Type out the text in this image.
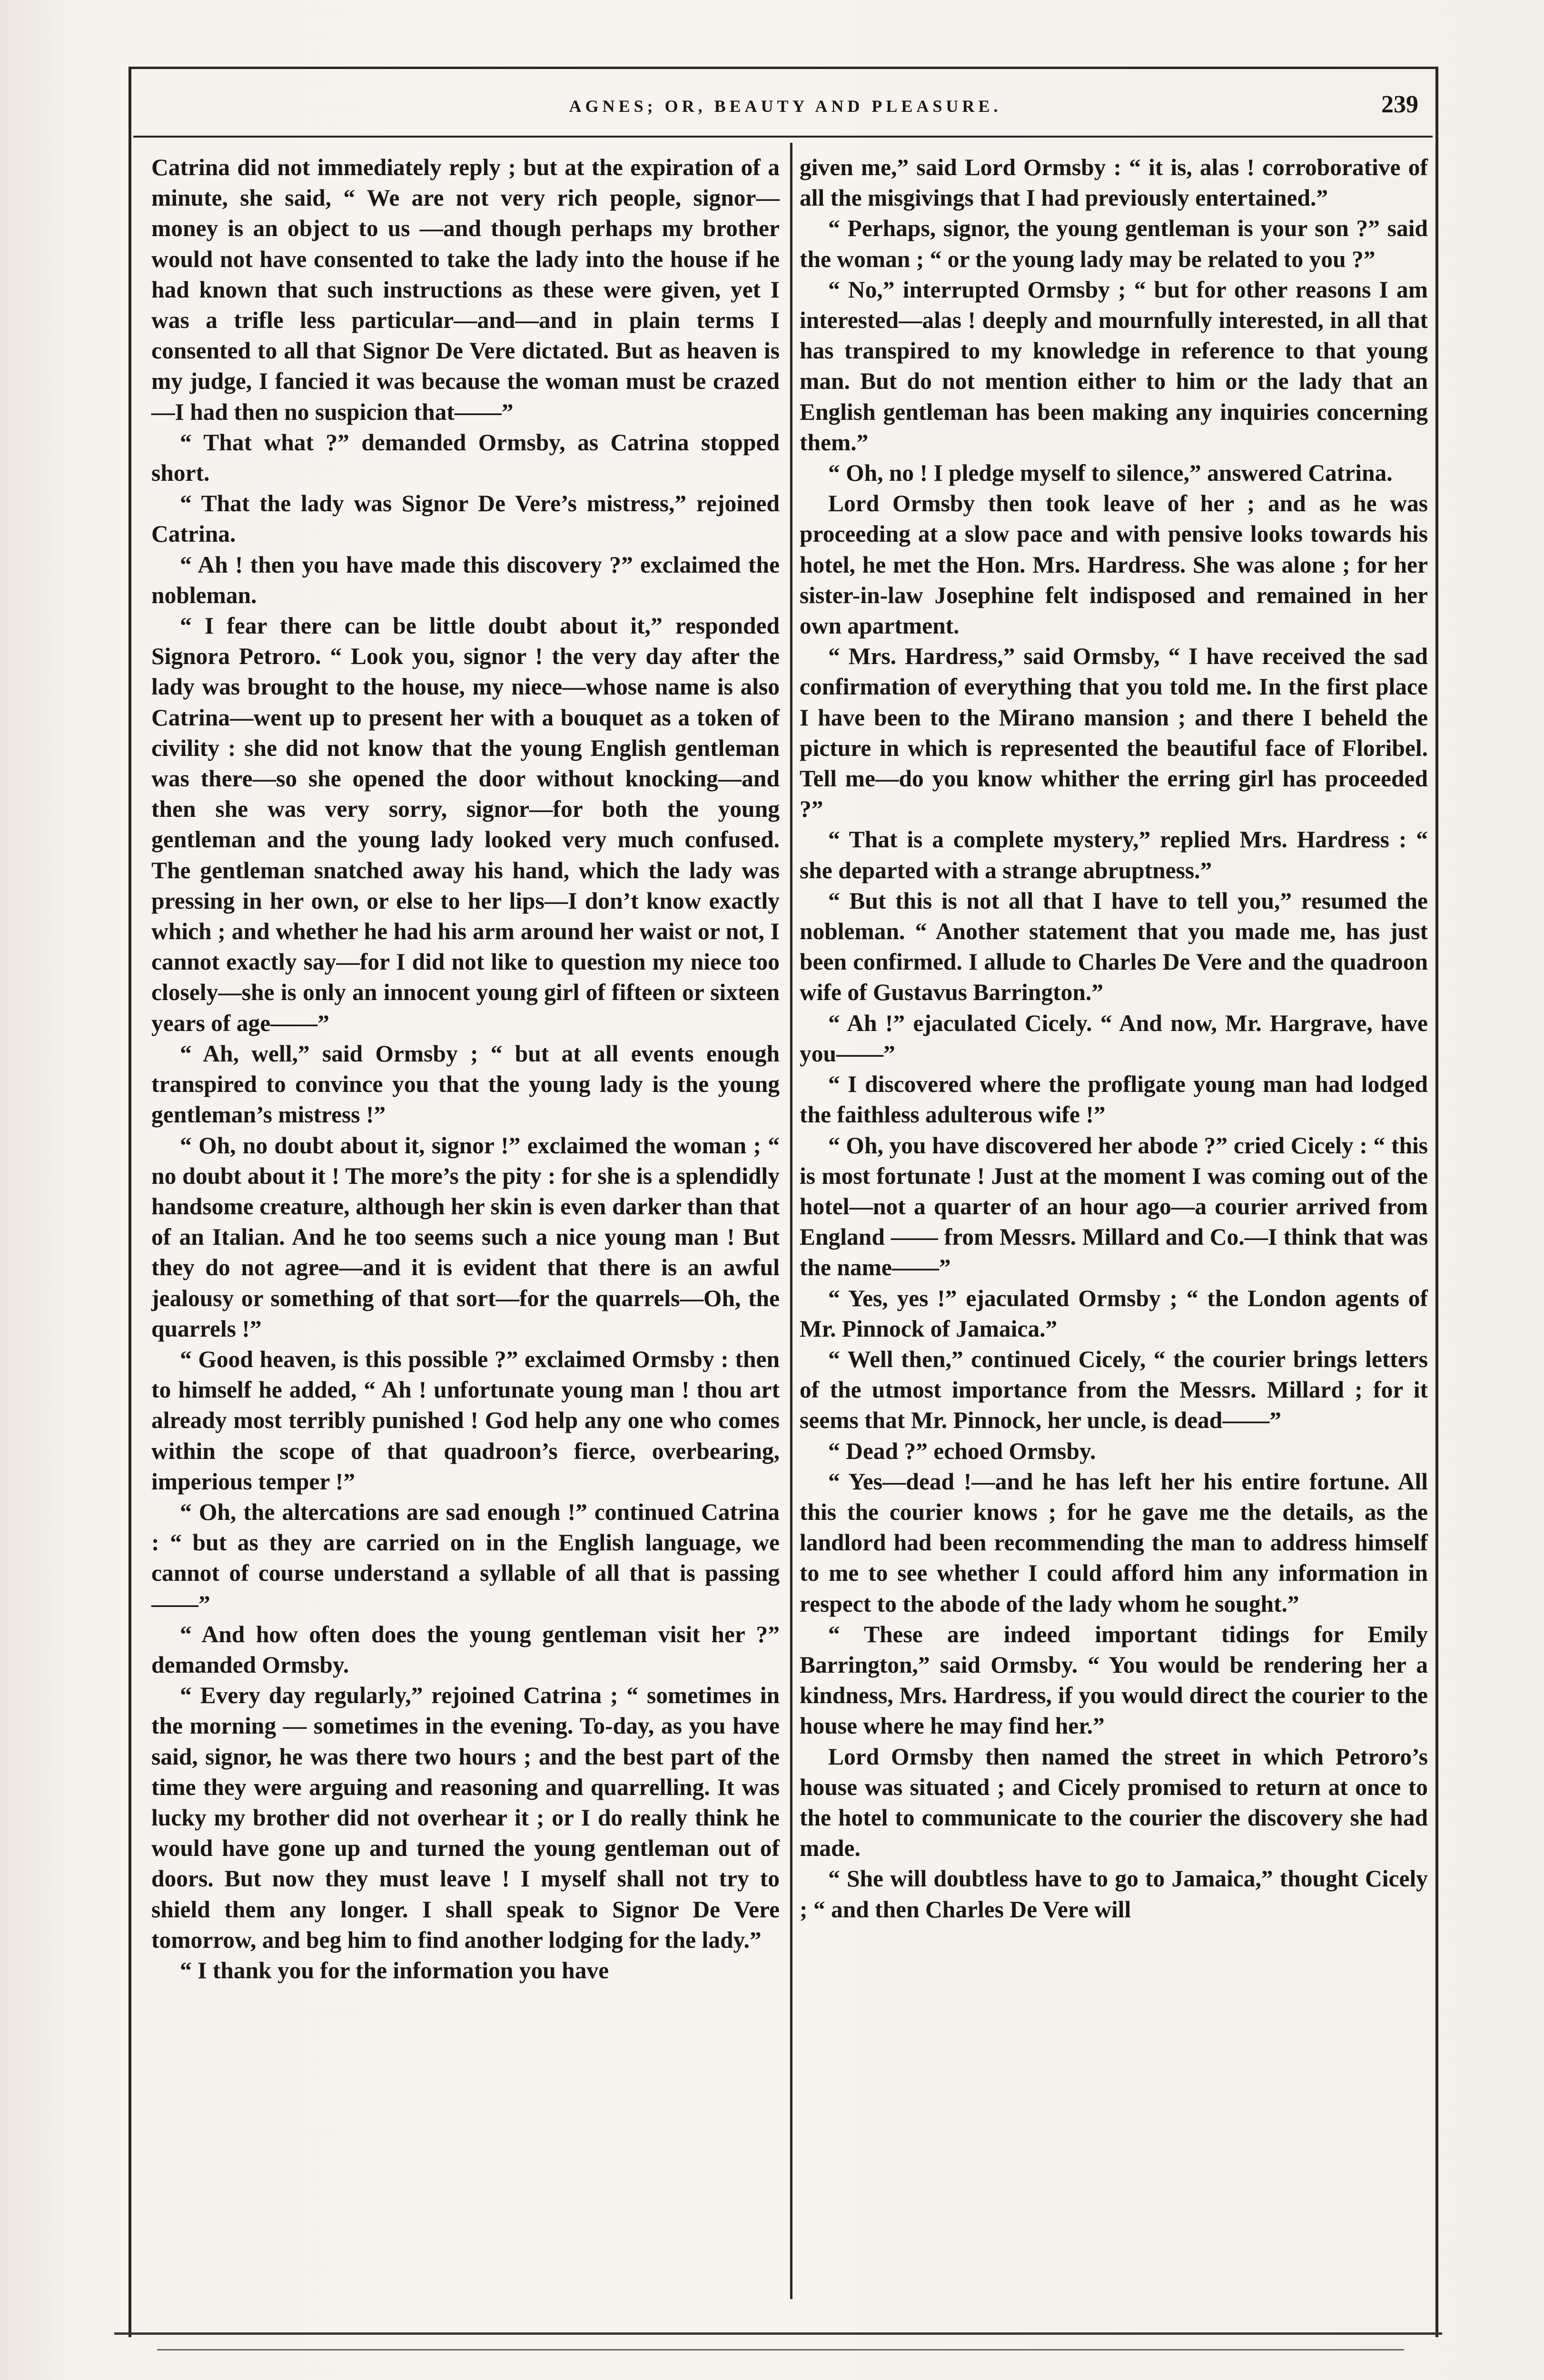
AGNES; OR, BEAUTY AND PLEASURE.	239

Catrina did not immediately reply ; but at the expiration of a minute, she said, “ We are not very rich people, signor—money is an object to us —and though perhaps my brother would not have consented to take the lady into the house if he had known that such instructions as these were given, yet I was a trifle less particular—and—and in plain terms I consented to all that Signor De Vere dictated. But as heaven is my judge, I fancied it was because the woman must be crazed—I had then no suspicion that——”

“ That what ?” demanded Ormsby, as Catrina stopped short.

“ That the lady was Signor De Vere’s mistress,” rejoined Catrina.

“ Ah ! then you have made this discovery ?” exclaimed the nobleman.

“ I fear there can be little doubt about it,” responded Signora Petroro. “ Look you, signor ! the very day after the lady was brought to the house, my niece—whose name is also Catrina—went up to present her with a bouquet as a token of civility : she did not know that the young English gentleman was there—so she opened the door without knocking—and then she was very sorry, signor—for both the young gentleman and the young lady looked very much confused. The gentleman snatched away his hand, which the lady was pressing in her own, or else to her lips—I don’t know exactly which ; and whether he had his arm around her waist or not, I cannot exactly say—for I did not like to question my niece too closely—she is only an innocent young girl of fifteen or sixteen years of age——”

“ Ah, well,” said Ormsby ; “ but at all events enough transpired to convince you that the young lady is the young gentleman’s mistress !”

“ Oh, no doubt about it, signor !” exclaimed the woman ; “ no doubt about it ! The more’s the pity : for she is a splendidly handsome creature, although her skin is even darker than that of an Italian. And he too seems such a nice young man ! But they do not agree—and it is evident that there is an awful jealousy or something of that sort—for the quarrels—Oh, the quarrels !”

“ Good heaven, is this possible ?” exclaimed Ormsby : then to himself he added, “ Ah ! unfortunate young man ! thou art already most terribly punished ! God help any one who comes within the scope of that quadroon’s fierce, overbearing, imperious temper !”

“ Oh, the altercations are sad enough !” continued Catrina : “ but as they are carried on in the English language, we cannot of course understand a syllable of all that is passing——”

“ And how often does the young gentleman visit her ?” demanded Ormsby.

“ Every day regularly,” rejoined Catrina ; “ sometimes in the morning — sometimes in the evening. To-day, as you have said, signor, he was there two hours ; and the best part of the time they were arguing and reasoning and quarrelling. It was lucky my brother did not overhear it ; or I do really think he would have gone up and turned the young gentleman out of doors. But now they must leave ! I myself shall not try to shield them any longer. I shall speak to Signor De Vere tomorrow, and beg him to find another lodging for the lady.”

“ I thank you for the information you have

given me,” said Lord Ormsby : “ it is, alas ! corroborative of all the misgivings that I had previously entertained.”

“ Perhaps, signor, the young gentleman is your son ?” said the woman ; “ or the young lady may be related to you ?”

“ No,” interrupted Ormsby ; “ but for other reasons I am interested—alas ! deeply and mournfully interested, in all that has transpired to my knowledge in reference to that young man. But do not mention either to him or the lady that an English gentleman has been making any inquiries concerning them.”

“ Oh, no ! I pledge myself to silence,” answered Catrina.

Lord Ormsby then took leave of her ; and as he was proceeding at a slow pace and with pensive looks towards his hotel, he met the Hon. Mrs. Hardress. She was alone ; for her sister-in-law Josephine felt indisposed and remained in her own apartment.

“ Mrs. Hardress,” said Ormsby, “ I have received the sad confirmation of everything that you told me. In the first place I have been to the Mirano mansion ; and there I beheld the picture in which is represented the beautiful face of Floribel. Tell me—do you know whither the erring girl has proceeded ?”

“ That is a complete mystery,” replied Mrs. Hardress : “ she departed with a strange abruptness.”

“ But this is not all that I have to tell you,” resumed the nobleman. “ Another statement that you made me, has just been confirmed. I allude to Charles De Vere and the quadroon wife of Gustavus Barrington.”

“ Ah !” ejaculated Cicely. “ And now, Mr. Hargrave, have you——”

“ I discovered where the profligate young man had lodged the faithless adulterous wife !”

“ Oh, you have discovered her abode ?” cried Cicely : “ this is most fortunate ! Just at the moment I was coming out of the hotel—not a quarter of an hour ago—a courier arrived from England —— from Messrs. Millard and Co.—I think that was the name——”

“ Yes, yes !” ejaculated Ormsby ; “ the London agents of Mr. Pinnock of Jamaica.”

“ Well then,” continued Cicely, “ the courier brings letters of the utmost importance from the Messrs. Millard ; for it seems that Mr. Pinnock, her uncle, is dead——”

“ Dead ?” echoed Ormsby.

“ Yes—dead !—and he has left her his entire fortune. All this the courier knows ; for he gave me the details, as the landlord had been recommending the man to address himself to me to see whether I could afford him any information in respect to the abode of the lady whom he sought.”

“ These are indeed important tidings for Emily Barrington,” said Ormsby. “ You would be rendering her a kindness, Mrs. Hardress, if you would direct the courier to the house where he may find her.”

Lord Ormsby then named the street in which Petroro’s house was situated ; and Cicely promised to return at once to the hotel to communicate to the courier the discovery she had made.

“ She will doubtless have to go to Jamaica,” thought Cicely ; “ and then Charles De Vere will
